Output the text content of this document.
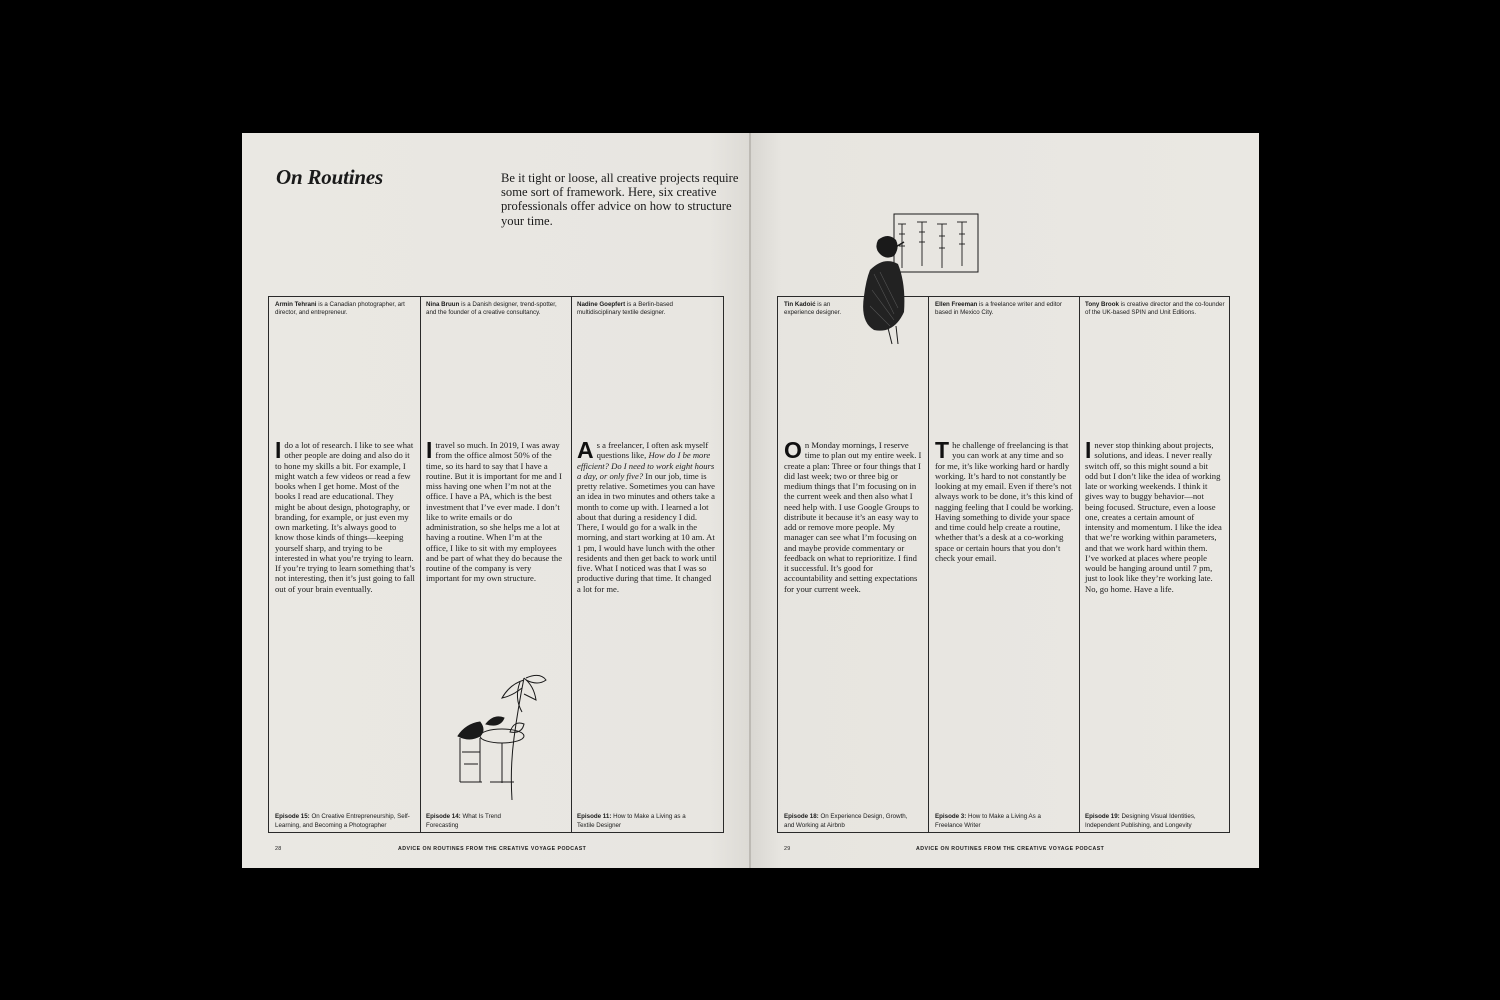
On Routines	Be it tight or loose, all creative projects require some sort of framework. Here, six creative professionals offer advice on how to structure your time.
Armin Tehrani is a Canadian photographer, art director, and entrepreneur.
I do a lot of research. I like to see what other people are doing and also do it to hone my skills a bit. For example, I might watch a few videos or read a few books when I get home. Most of the books I read are educational. They might be about design, photography, or branding, for example, or just even my own marketing. It’s always good to know those kinds of things—keeping yourself sharp, and trying to be interested in what you’re trying to learn. If you’re trying to learn something that’s not interesting, then it’s just going to fall out of your brain eventually.
Episode 15: On Creative Entrepreneurship, Self-Learning, and Becoming a Photographer
Nina Bruun is a Danish designer, trend-spotter, and the founder of a creative consultancy.
I travel so much. In 2019, I was away from the office almost 50% of the time, so its hard to say that I have a routine. But it is important for me and I miss having one when I’m not at the office. I have a PA, which is the best investment that I’ve ever made. I don’t like to write emails or do administration, so she helps me a lot at having a routine. When I’m at the office, I like to sit with my employees and be part of what they do because the routine of the company is very important for my own structure.
Episode 14: What Is Trend Forecasting
Nadine Goepfert is a Berlin-based multidisciplinary textile designer.
As a freelancer, I often ask myself questions like, How do I be more efficient? Do I need to work eight hours a day, or only five? In our job, time is pretty relative. Sometimes you can have an idea in two minutes and others take a month to come up with. I learned a lot about that during a residency I did. There, I would go for a walk in the morning, and start working at 10 am. At 1 pm, I would have lunch with the other residents and then get back to work until five. What I noticed was that I was so productive during that time. It changed a lot for me.
Episode 11: How to Make a Living as a Textile Designer
Tin Kadoić is an experience designer.
On Monday mornings, I reserve time to plan out my entire week. I create a plan: Three or four things that I did last week; two or three big or medium things that I’m focusing on in the current week and then also what I need help with. I use Google Groups to distribute it because it’s an easy way to add or remove more people. My manager can see what I’m focusing on and maybe provide commentary or feedback on what to reprioritize. I find it successful. It’s good for accountability and setting expectations for your current week.
Episode 18: On Experience Design, Growth, and Working at Airbnb
Ellen Freeman is a freelance writer and editor based in Mexico City.
The challenge of freelancing is that you can work at any time and so for me, it’s like working hard or hardly working. It’s hard to not constantly be looking at my email. Even if there’s not always work to be done, it’s this kind of nagging feeling that I could be working. Having something to divide your space and time could help create a routine, whether that’s a desk at a co-working space or certain hours that you don’t check your email.
Episode 3: How to Make a Living As a Freelance Writer
Tony Brook is creative director and the co-founder of the UK-based SPIN and Unit Editions.
I never stop thinking about projects, solutions, and ideas. I never really switch off, so this might sound a bit odd but I don’t like the idea of working late or working weekends. I think it gives way to buggy behavior—not being focused. Structure, even a loose one, creates a certain amount of intensity and momentum. I like the idea that we’re working within parameters, and that we work hard within them. I’ve worked at places where people would be hanging around until 7 pm, just to look like they’re working late. No, go home. Have a life.
Episode 19: Designing Visual Identities, Independent Publishing, and Longevity
28	ADVICE ON ROUTINES FROM THE CREATIVE VOYAGE PODCAST	29	ADVICE ON ROUTINES FROM THE CREATIVE VOYAGE PODCAST
